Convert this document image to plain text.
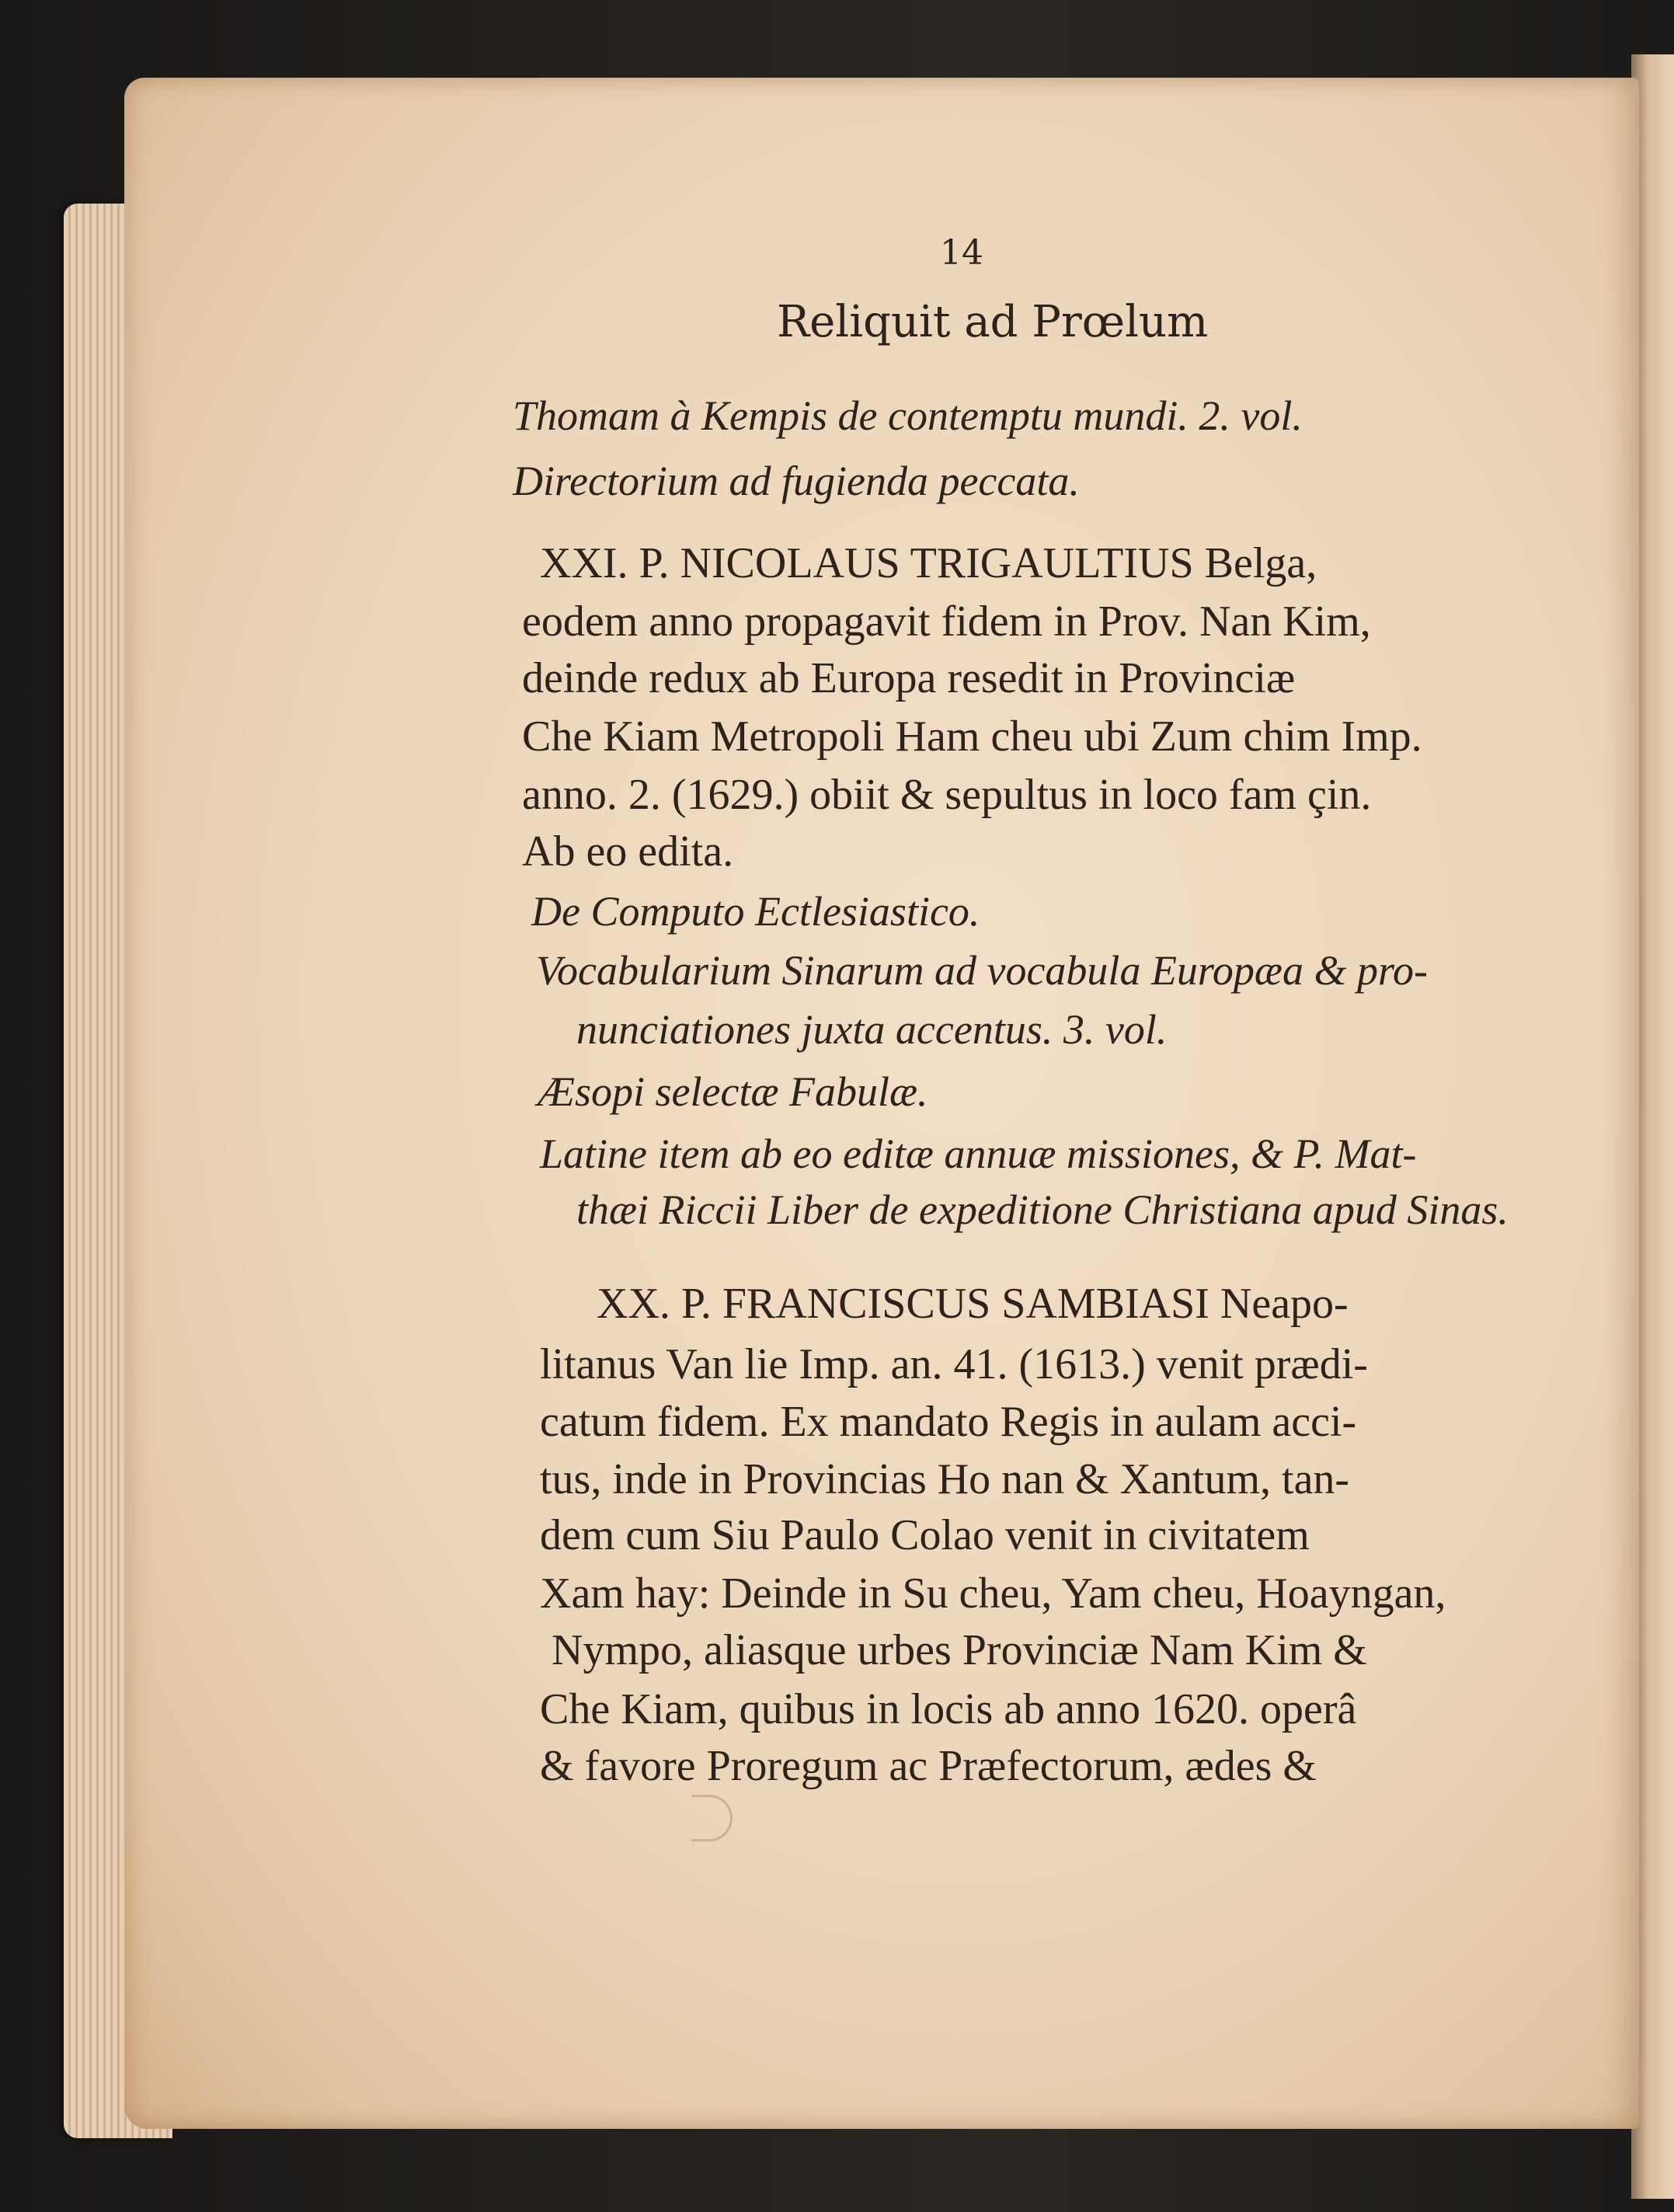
14
Reliquit ad Prœlum
Thomam à Kempis de contemptu mundi. 2. vol.
Directorium ad fugienda peccata.
XXI. P. NICOLAUS TRIGAULTIUS Belga,
eodem anno propagavit fidem in Prov. Nan Kim,
deinde redux ab Europa resedit in Provinciæ
Che Kiam Metropoli Ham cheu ubi Zum chim Imp.
anno. 2. (1629.) obiit & sepultus in loco fam çin.
Ab eo edita.
De Computo Ectlesiastico.
Vocabularium Sinarum ad vocabula Europæa & pro-
nunciationes juxta accentus. 3. vol.
Æsopi selectæ Fabulæ.
Latine item ab eo editæ annuæ missiones, & P. Mat-
thæi Riccii Liber de expeditione Christiana apud Sinas.
XX. P. FRANCISCUS SAMBIASI Neapo-
litanus Van lie Imp. an. 41. (1613.) venit prædi-
catum fidem. Ex mandato Regis in aulam acci-
tus, inde in Provincias Ho nan & Xantum, tan-
dem cum Siu Paulo Colao venit in civitatem
Xam hay: Deinde in Su cheu, Yam cheu, Hoayngan,
Nympo, aliasque urbes Provinciæ Nam Kim &
Che Kiam, quibus in locis ab anno 1620. operâ
& favore Proregum ac Præfectorum, ædes &
